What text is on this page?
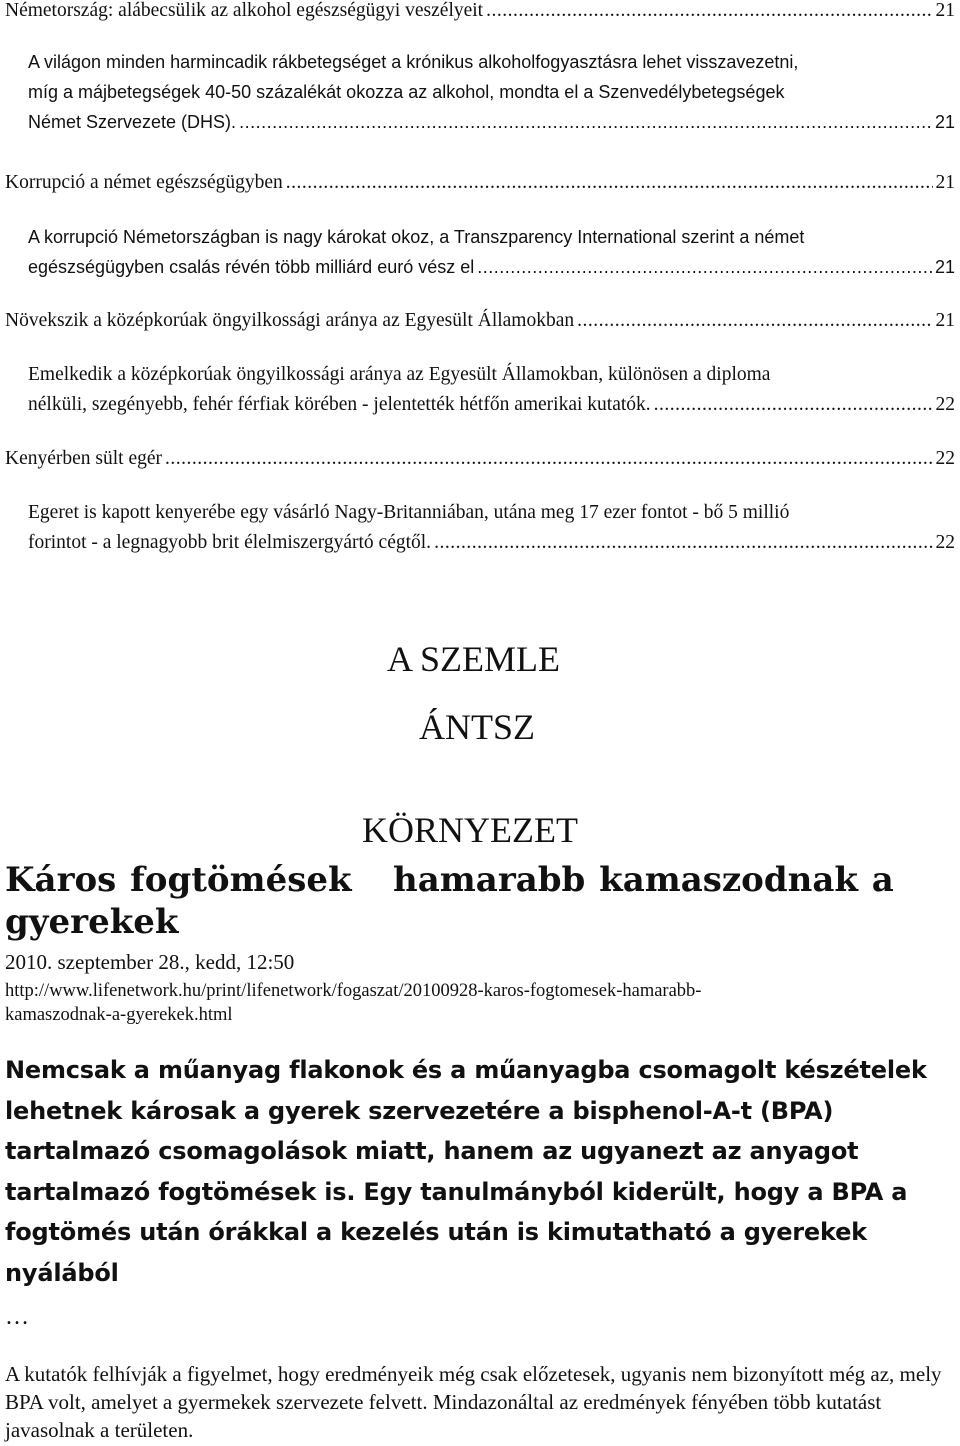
Németország: alábecsülik az alkohol egészségügyi veszélyeit .....	21
A világon minden harmincadik rákbetegséget a krónikus alkoholfogyasztásra lehet visszavezetni,
míg a májbetegségek 40-50 százalékát okozza az alkohol, mondta el a Szenvedélybetegségek
Német Szervezete (DHS). .....	21
Korrupció a német egészségügyben .....	21
A korrupció Németországban is nagy károkat okoz, a Transzparency International szerint a német
egészségügyben csalás révén több milliárd euró vész el .....	21
Növekszik a középkorúak öngyilkossági aránya az Egyesült Államokban .....	21
Emelkedik a középkorúak öngyilkossági aránya az Egyesült Államokban, különösen a diploma
nélküli, szegényebb, fehér férfiak körében - jelentették hétfőn amerikai kutatók. .....	22
Kenyérben sült egér .....	22
Egeret is kapott kenyerébe egy vásárló Nagy-Britanniában, utána meg 17 ezer fontot - bő 5 millió
forintot - a legnagyobb brit élelmiszergyártó cégtől. .....	22
A SZEMLE
ÁNTSZ
KÖRNYEZET
Káros fogtömések   hamarabb kamaszodnak a
gyerekek
2010. szeptember 28., kedd, 12:50
http://www.lifenetwork.hu/print/lifenetwork/fogaszat/20100928-karos-fogtomesek-hamarabb-
kamaszodnak-a-gyerekek.html
Nemcsak a műanyag flakonok és a műanyagba csomagolt készételek lehetnek károsak a gyerek szervezetére a bisphenol-A-t (BPA) tartalmazó csomagolások miatt, hanem az ugyanezt az anyagot tartalmazó fogtömések is. Egy tanulmányból kiderült, hogy a BPA a fogtömés után órákkal a kezelés után is kimutatható a gyerekek nyálából
…
A kutatók felhívják a figyelmet, hogy eredményeik még csak előzetesek, ugyanis nem bizonyított még az, mely BPA volt, amelyet a gyermekek szervezete felvett. Mindazonáltal az eredmények fényében több kutatást javasolnak a területen.
